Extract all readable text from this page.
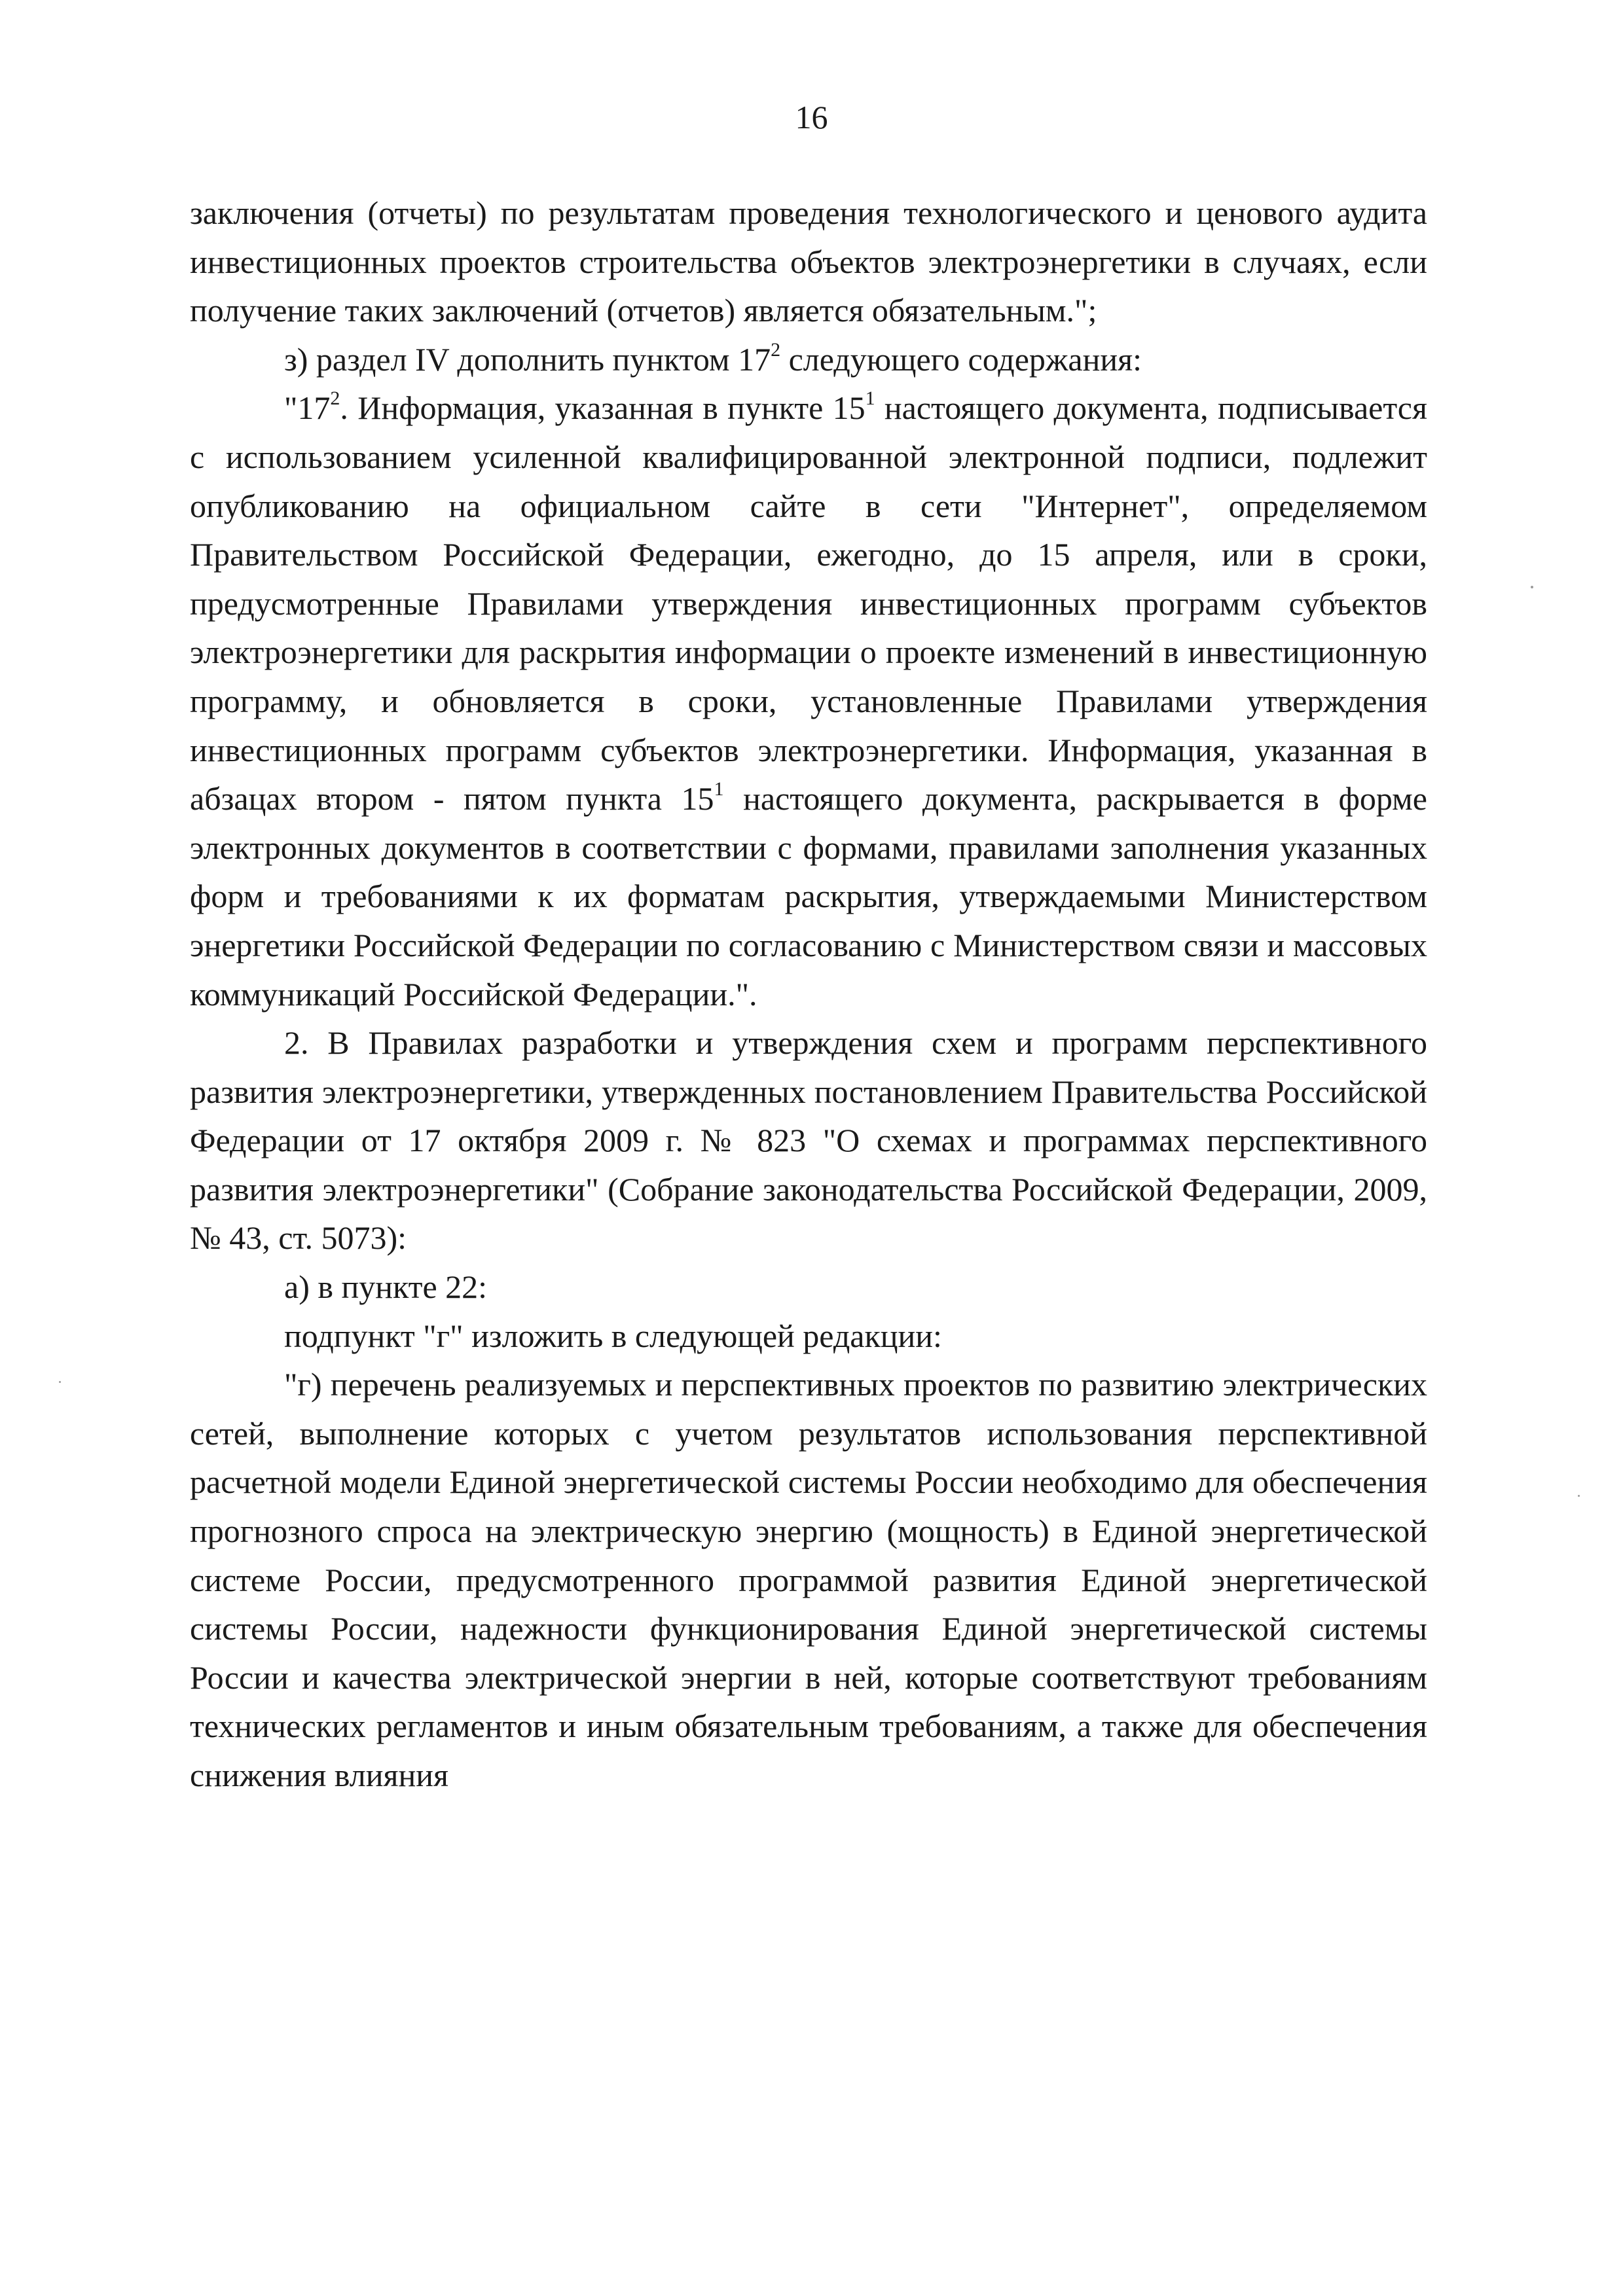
16

заключения (отчеты) по результатам проведения технологического и ценового аудита инвестиционных проектов строительства объектов электроэнергетики в случаях, если получение таких заключений (отчетов) является обязательным.";

з) раздел IV дополнить пунктом $17^2$ следующего содержания:

"$17^2$. Информация, указанная в пункте $15^1$ настоящего документа, подписывается с использованием усиленной квалифицированной электронной подписи, подлежит опубликованию на официальном сайте в сети "Интернет", определяемом Правительством Российской Федерации, ежегодно, до 15 апреля, или в сроки, предусмотренные Правилами утверждения инвестиционных программ субъектов электроэнергетики для раскрытия информации о проекте изменений в инвестиционную программу, и обновляется в сроки, установленные Правилами утверждения инвестиционных программ субъектов электроэнергетики. Информация, указанная в абзацах втором - пятом пункта $15^1$ настоящего документа, раскрывается в форме электронных документов в соответствии с формами, правилами заполнения указанных форм и требованиями к их форматам раскрытия, утверждаемыми Министерством энергетики Российской Федерации по согласованию с Министерством связи и массовых коммуникаций Российской Федерации.".

2. В Правилах разработки и утверждения схем и программ перспективного развития электроэнергетики, утвержденных постановлением Правительства Российской Федерации от 17 октября 2009 г. № 823 "О схемах и программах перспективного развития электроэнергетики" (Собрание законодательства Российской Федерации, 2009, № 43, ст. 5073):

а) в пункте 22:

подпункт "г" изложить в следующей редакции:

"г) перечень реализуемых и перспективных проектов по развитию электрических сетей, выполнение которых с учетом результатов использования перспективной расчетной модели Единой энергетической системы России необходимо для обеспечения прогнозного спроса на электрическую энергию (мощность) в Единой энергетической системе России, предусмотренного программой развития Единой энергетической системы России, надежности функционирования Единой энергетической системы России и качества электрической энергии в ней, которые соответствуют требованиям технических регламентов и иным обязательным требованиям, а также для обеспечения снижения влияния
